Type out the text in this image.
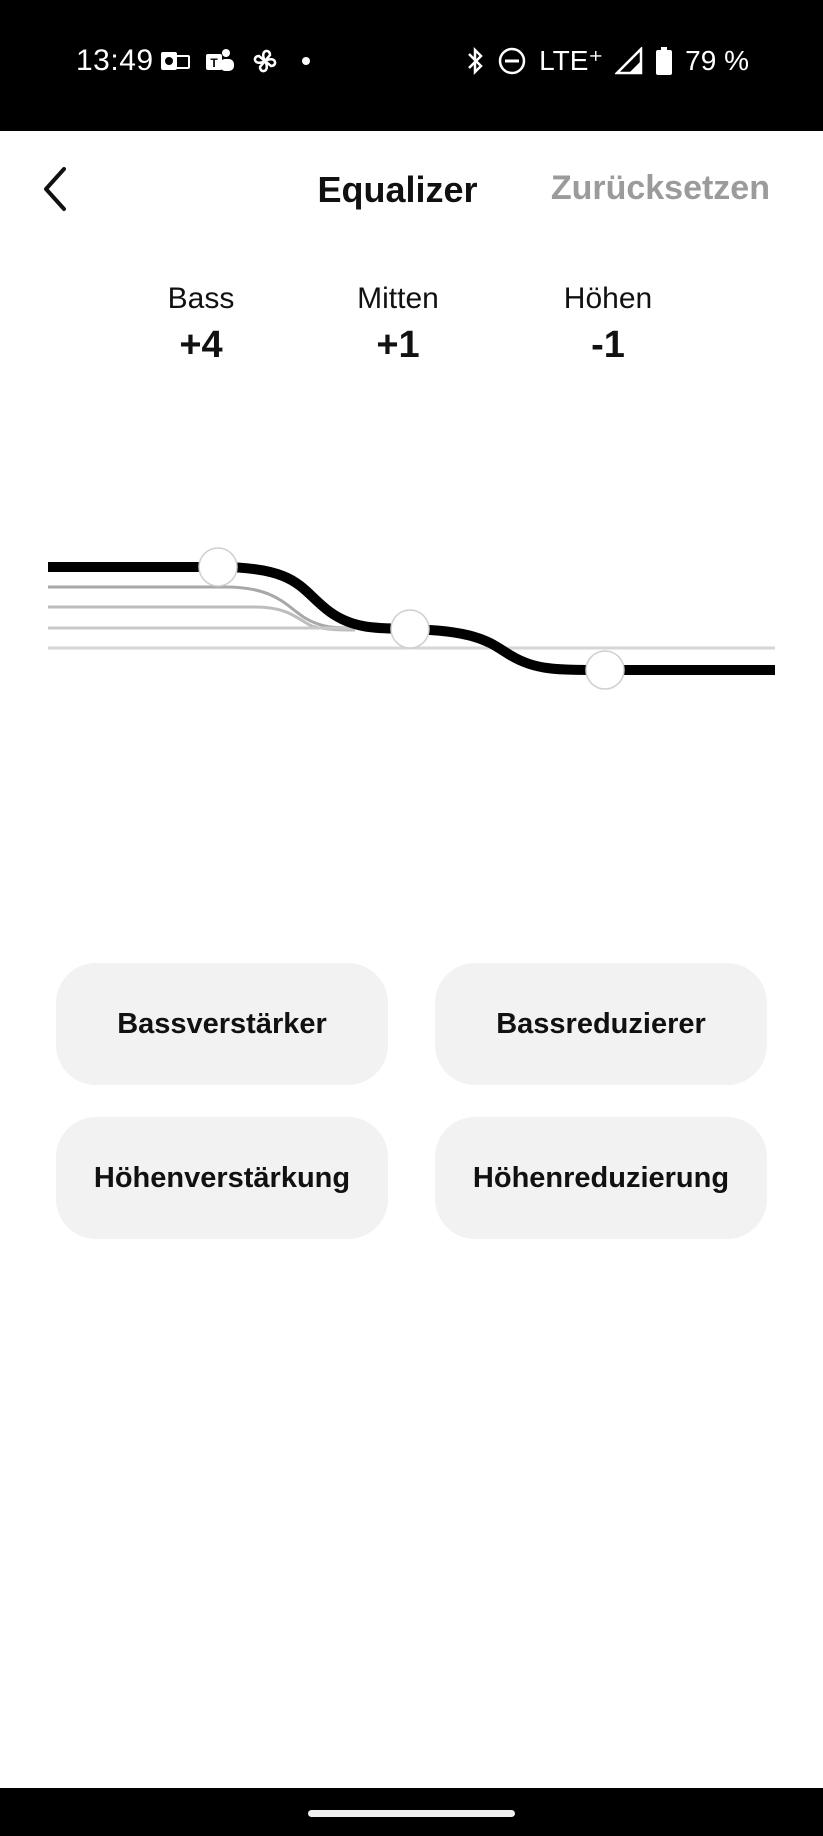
13:49	T	LTE⁺	79 %
Equalizer	Zurücksetzen
Bass
+4
Mitten
+1
Höhen
-1
Bassverstärker	Bassreduzierer
Höhenverstärkung	Höhenreduzierung
